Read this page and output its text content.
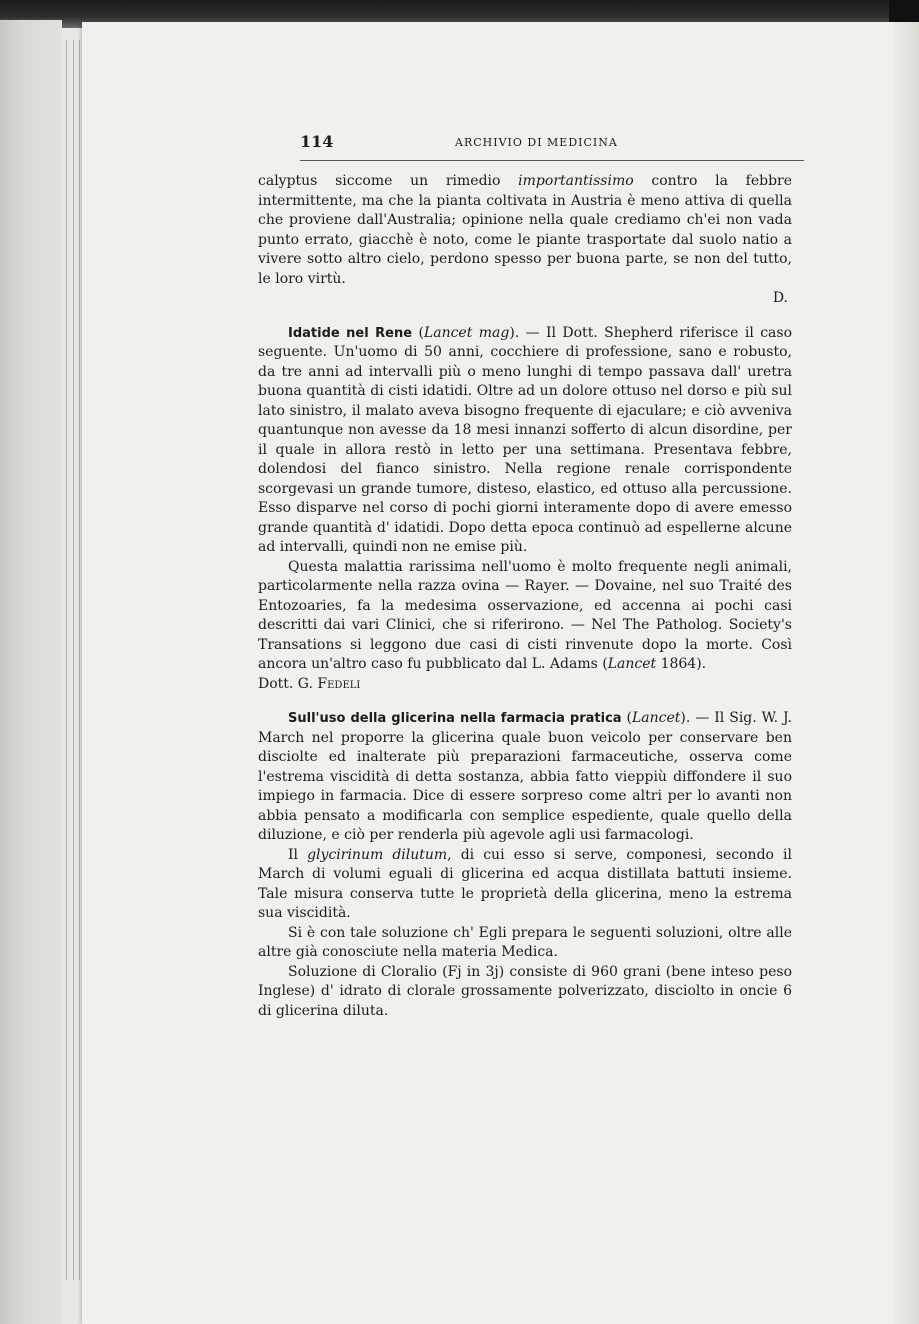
114	ARCHIVIO DI MEDICINA

calyptus siccome un rimedio importantissimo contro la febbre intermittente, ma che la pianta coltivata in Austria è meno attiva di quella che proviene dall'Australia; opinione nella quale crediamo ch'ei non vada punto errato, giacchè è noto, come le piante trasportate dal suolo natio a vivere sotto altro cielo, perdono spesso per buona parte, se non del tutto, le loro virtù.
D.

Idatide nel Rene (Lancet mag). — Il Dott. Shepherd riferisce il caso seguente. Un'uomo di 50 anni, cocchiere di professione, sano e robusto, da tre anni ad intervalli più o meno lunghi di tempo passava dall' uretra buona quantità di cisti idatidi. Oltre ad un dolore ottuso nel dorso e più sul lato sinistro, il malato aveva bisogno frequente di ejaculare; e ciò avveniva quantunque non avesse da 18 mesi innanzi sofferto di alcun disordine, per il quale in allora restò in letto per una settimana. Presentava febbre, dolendosi del fianco sinistro. Nella regione renale corrispondente scorgevasi un grande tumore, disteso, elastico, ed ottuso alla percussione. Esso disparve nel corso di pochi giorni interamente dopo di avere emesso grande quantità d' idatidi. Dopo detta epoca continuò ad espellerne alcune ad intervalli, quindi non ne emise più.

Questa malattia rarissima nell'uomo è molto frequente negli animali, particolarmente nella razza ovina — Rayer. — Dovaine, nel suo Traité des Entozoaries, fa la medesima osservazione, ed accenna ai pochi casi descritti dai vari Clinici, che si riferirono. — Nel The Patholog. Society's Transations si leggono due casi di cisti rinvenute dopo la morte. Così ancora un'altro caso fu pubblicato dal L. Adams (Lancet 1864).

Dott. G. Fedeli

Sull'uso della glicerina nella farmacia pratica (Lancet). — Il Sig. W. J. March nel proporre la glicerina quale buon veicolo per conservare ben disciolte ed inalterate più preparazioni farmaceutiche, osserva come l'estrema viscidità di detta sostanza, abbia fatto vieppiù diffondere il suo impiego in farmacia. Dice di essere sorpreso come altri per lo avanti non abbia pensato a modificarla con semplice espediente, quale quello della diluzione, e ciò per renderla più agevole agli usi farmacologi.

Il glycirinum dilutum, di cui esso si serve, componesi, secondo il March di volumi eguali di glicerina ed acqua distillata battuti insieme. Tale misura conserva tutte le proprietà della glicerina, meno la estrema sua viscidità.

Si è con tale soluzione ch' Egli prepara le seguenti soluzioni, oltre alle altre già conosciute nella materia Medica.

Soluzione di Cloralio (Fj in 3j) consiste di 960 grani (bene inteso peso Inglese) d' idrato di clorale grossamente polverizzato, disciolto in oncie 6 di glicerina diluta.
